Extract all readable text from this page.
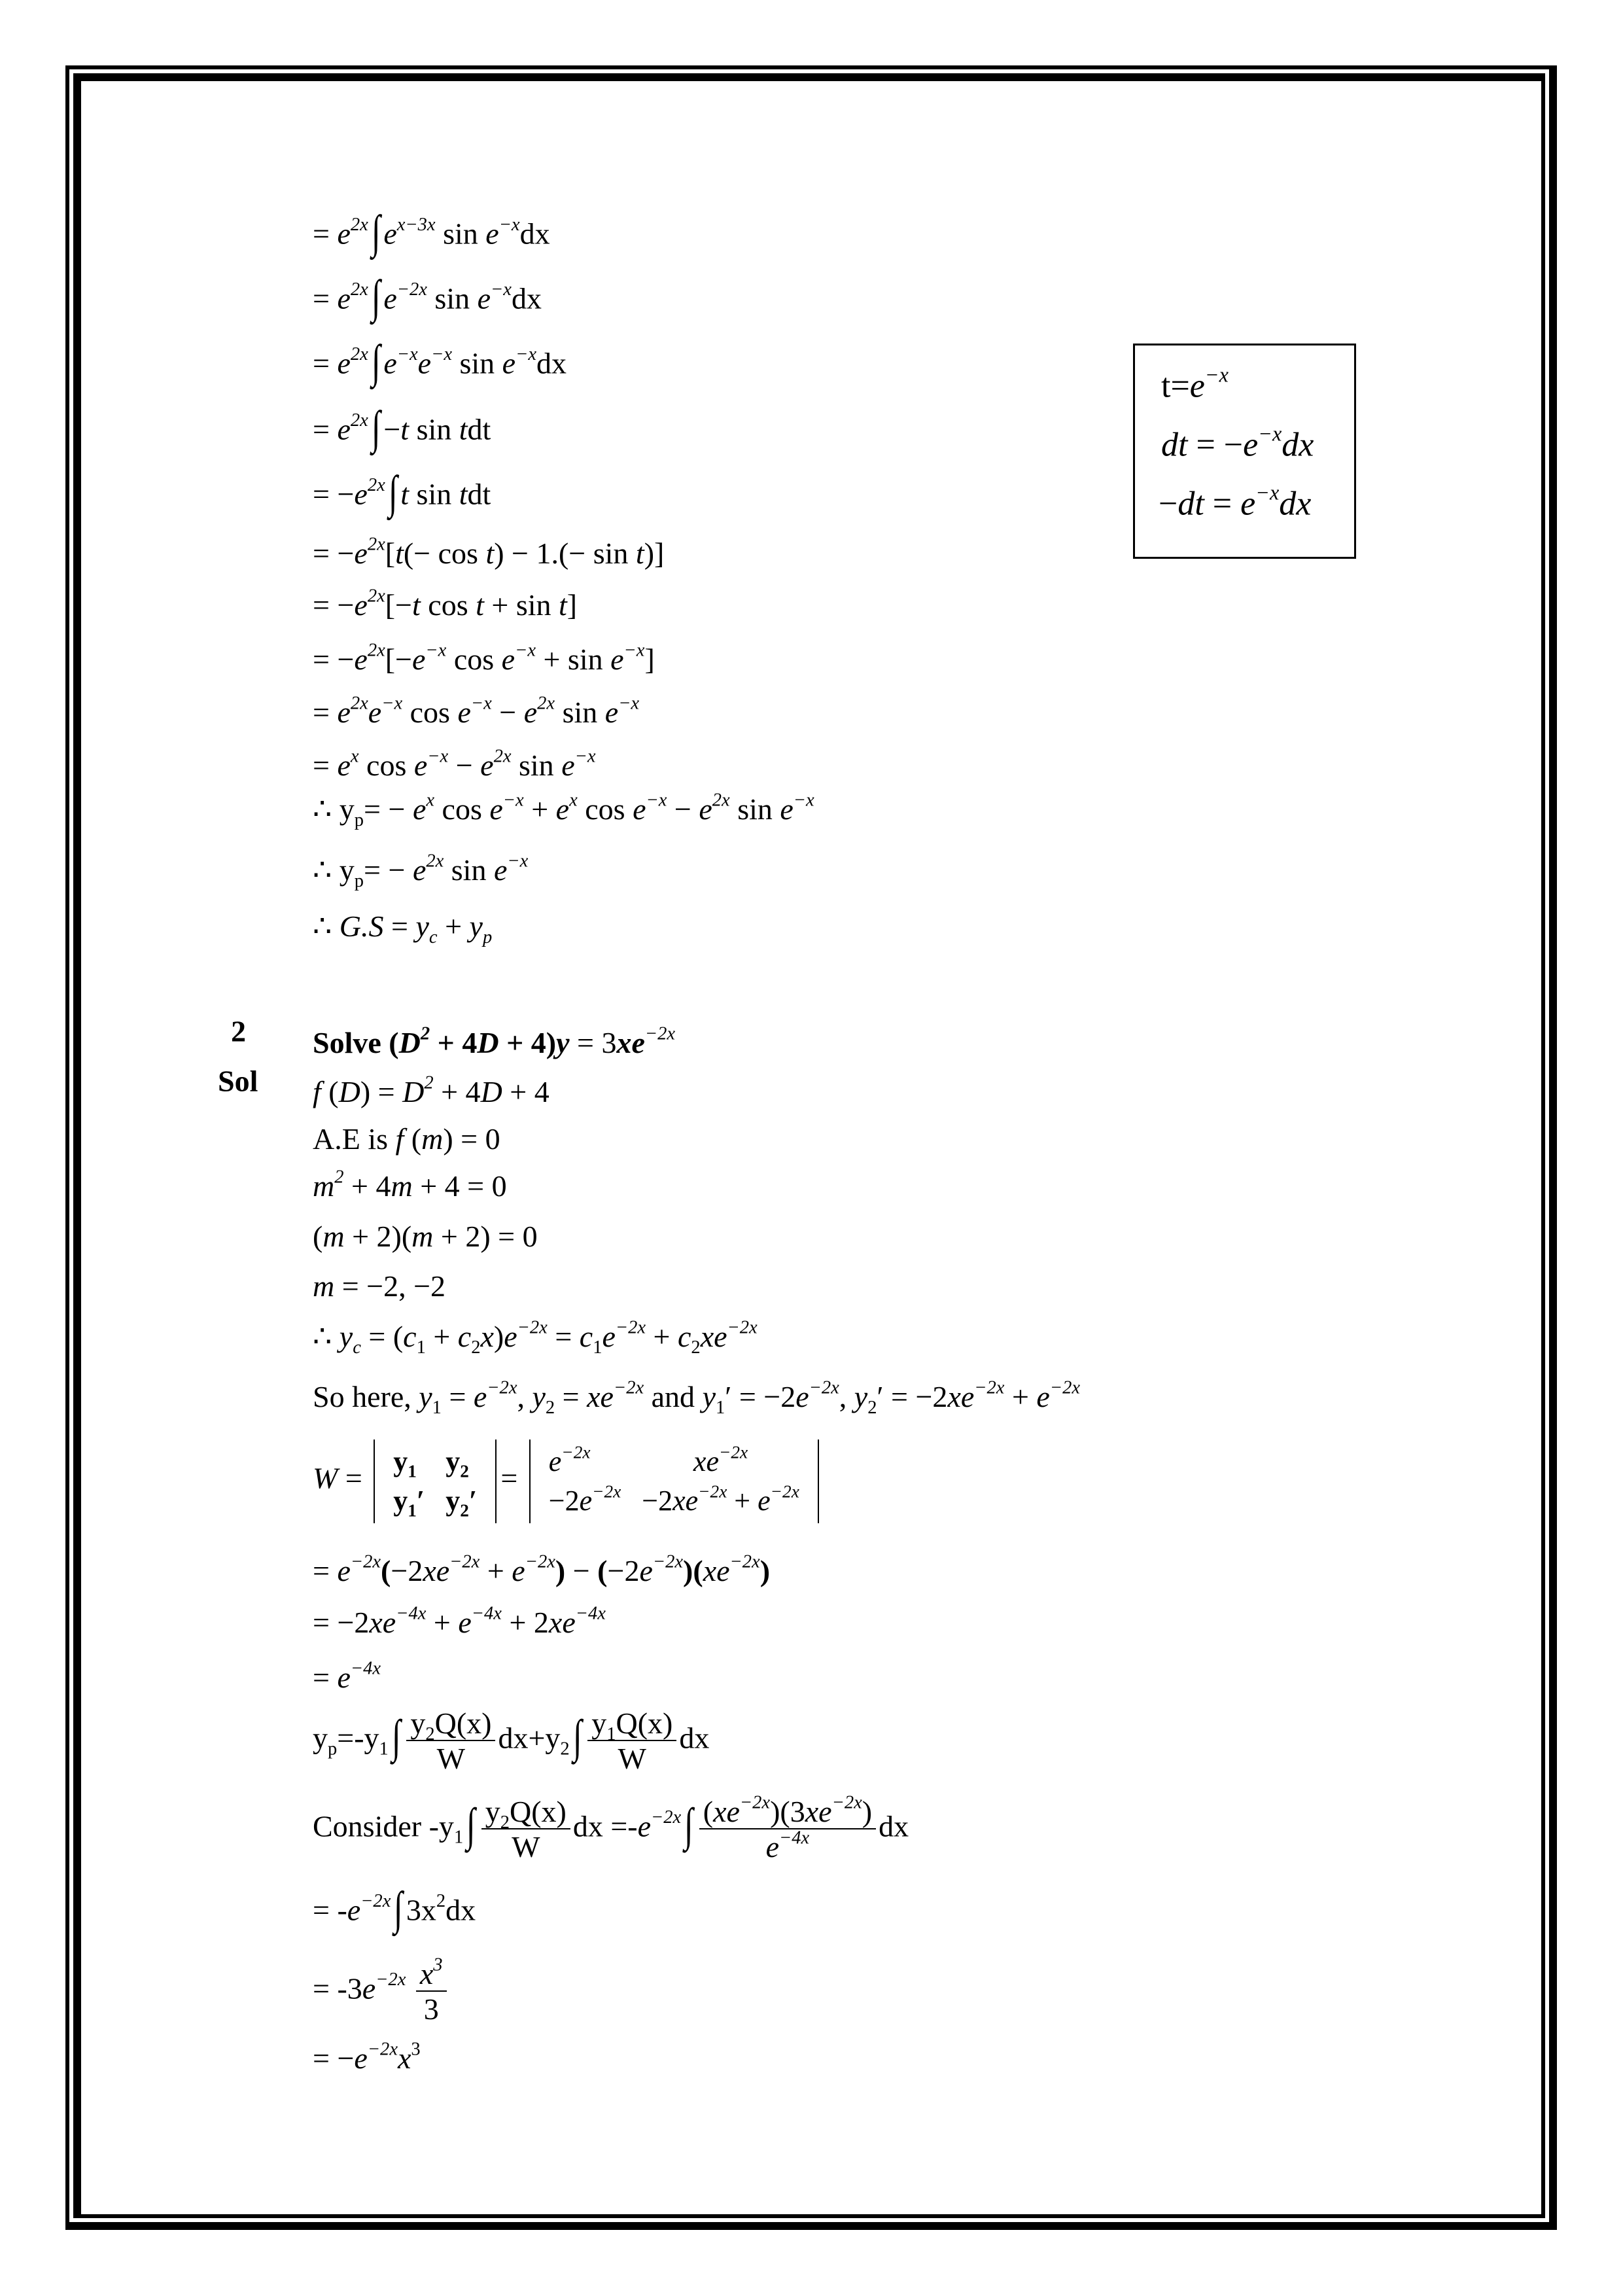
= $e^{2x}\int$ $e^{x-3x}$ $\sin e^{-x}dx$
= $e^{2x}\int$ $e^{-2x}$ $\sin e^{-x}dx$
= $e^{2x}\int$ $e^{-x}e^{-x}$ $\sin e^{-x}dx$
= $e^{2x}\int -t$ sin tdt
= $-e^{2x}\int$ t sin tdt
= $-e^{2x}[t(- \cos t) - 1.(- \sin t)]$
= $-e^{2x}[-t$ cos t + sin t]
= $-e^{2x}[-e^{-x}$ $\cos e^{-x} + \sin e^{-x}$]
= $e^{2x}e^{-x}$ $\cos e^{-x} - e^{2x}$ $\sin e^{-x}$
= $e^x$ $\cos e^{-x} - e^{2x}$ $\sin e^{-x}$
∴ $y_p= - e^x$ $\cos e^{-x} + e^x$ $\cos e^{-x} - e^{2x}$ $\sin e^{-x}$
∴ $y_p= - e^{2x}$ $\sin e^{-x}$
∴ $G.S = y_c + y_p$
$t=e^{-x}$
dt = $-e^{-x}dx$
$-dt = e^{-x}dx$
2
Sol
Solve $(D^2 + 4D + 4)y = 3xe^{-2x}$
f $(D) = D^2 + 4D + 4$
A.E is f (m) = 0
$m^2 + 4m + 4 = 0$
(m + 2)(m + 2) = 0
m = −2, −2
∴ $y_c = (c_1 + c_2x)e^{-2x} = c_1e^{-2x} + c_2xe^{-2x}$
So here, $y_1 = e^{-2x}$, $y_2 = xe^{-2x}$ and $y_1' = -2e^{-2x}$, $y_2' = -2xe^{-2x} + e^{-2x}$
W =
$y_1$	$y_2$
$y_1'$	$y_2'$
=
$e^{-2x}$	$xe^{-2x}$
$-2e^{-2x}$	$-2xe^{-2x} + e^{-2x}$
= $e^{-2x}(-2xe^{-2x} + e^{-2x}) - (-2e^{-2x})(xe^{-2x})$
= $-2xe^{-4x} + e^{-4x} + 2xe^{-4x}$
= $e^{-4x}$
$y_p=-y_1\int \frac{y_2Q(x)}{W} dx+y_2\int \frac{y_1Q(x)}{W}$ dx
Consider $-y_1\int \frac{y_2Q(x)}{W}$ dx $=-e^{-2x}\int \frac{(xe^{-2x})(3xe^{-2x})}{e^{-4x}}$ dx
= $-e^{-2x}\int$ $3x^2dx$
= $-3e^{-2x} \frac{x^3}{3}$
= $-e^{-2x}x^3$
